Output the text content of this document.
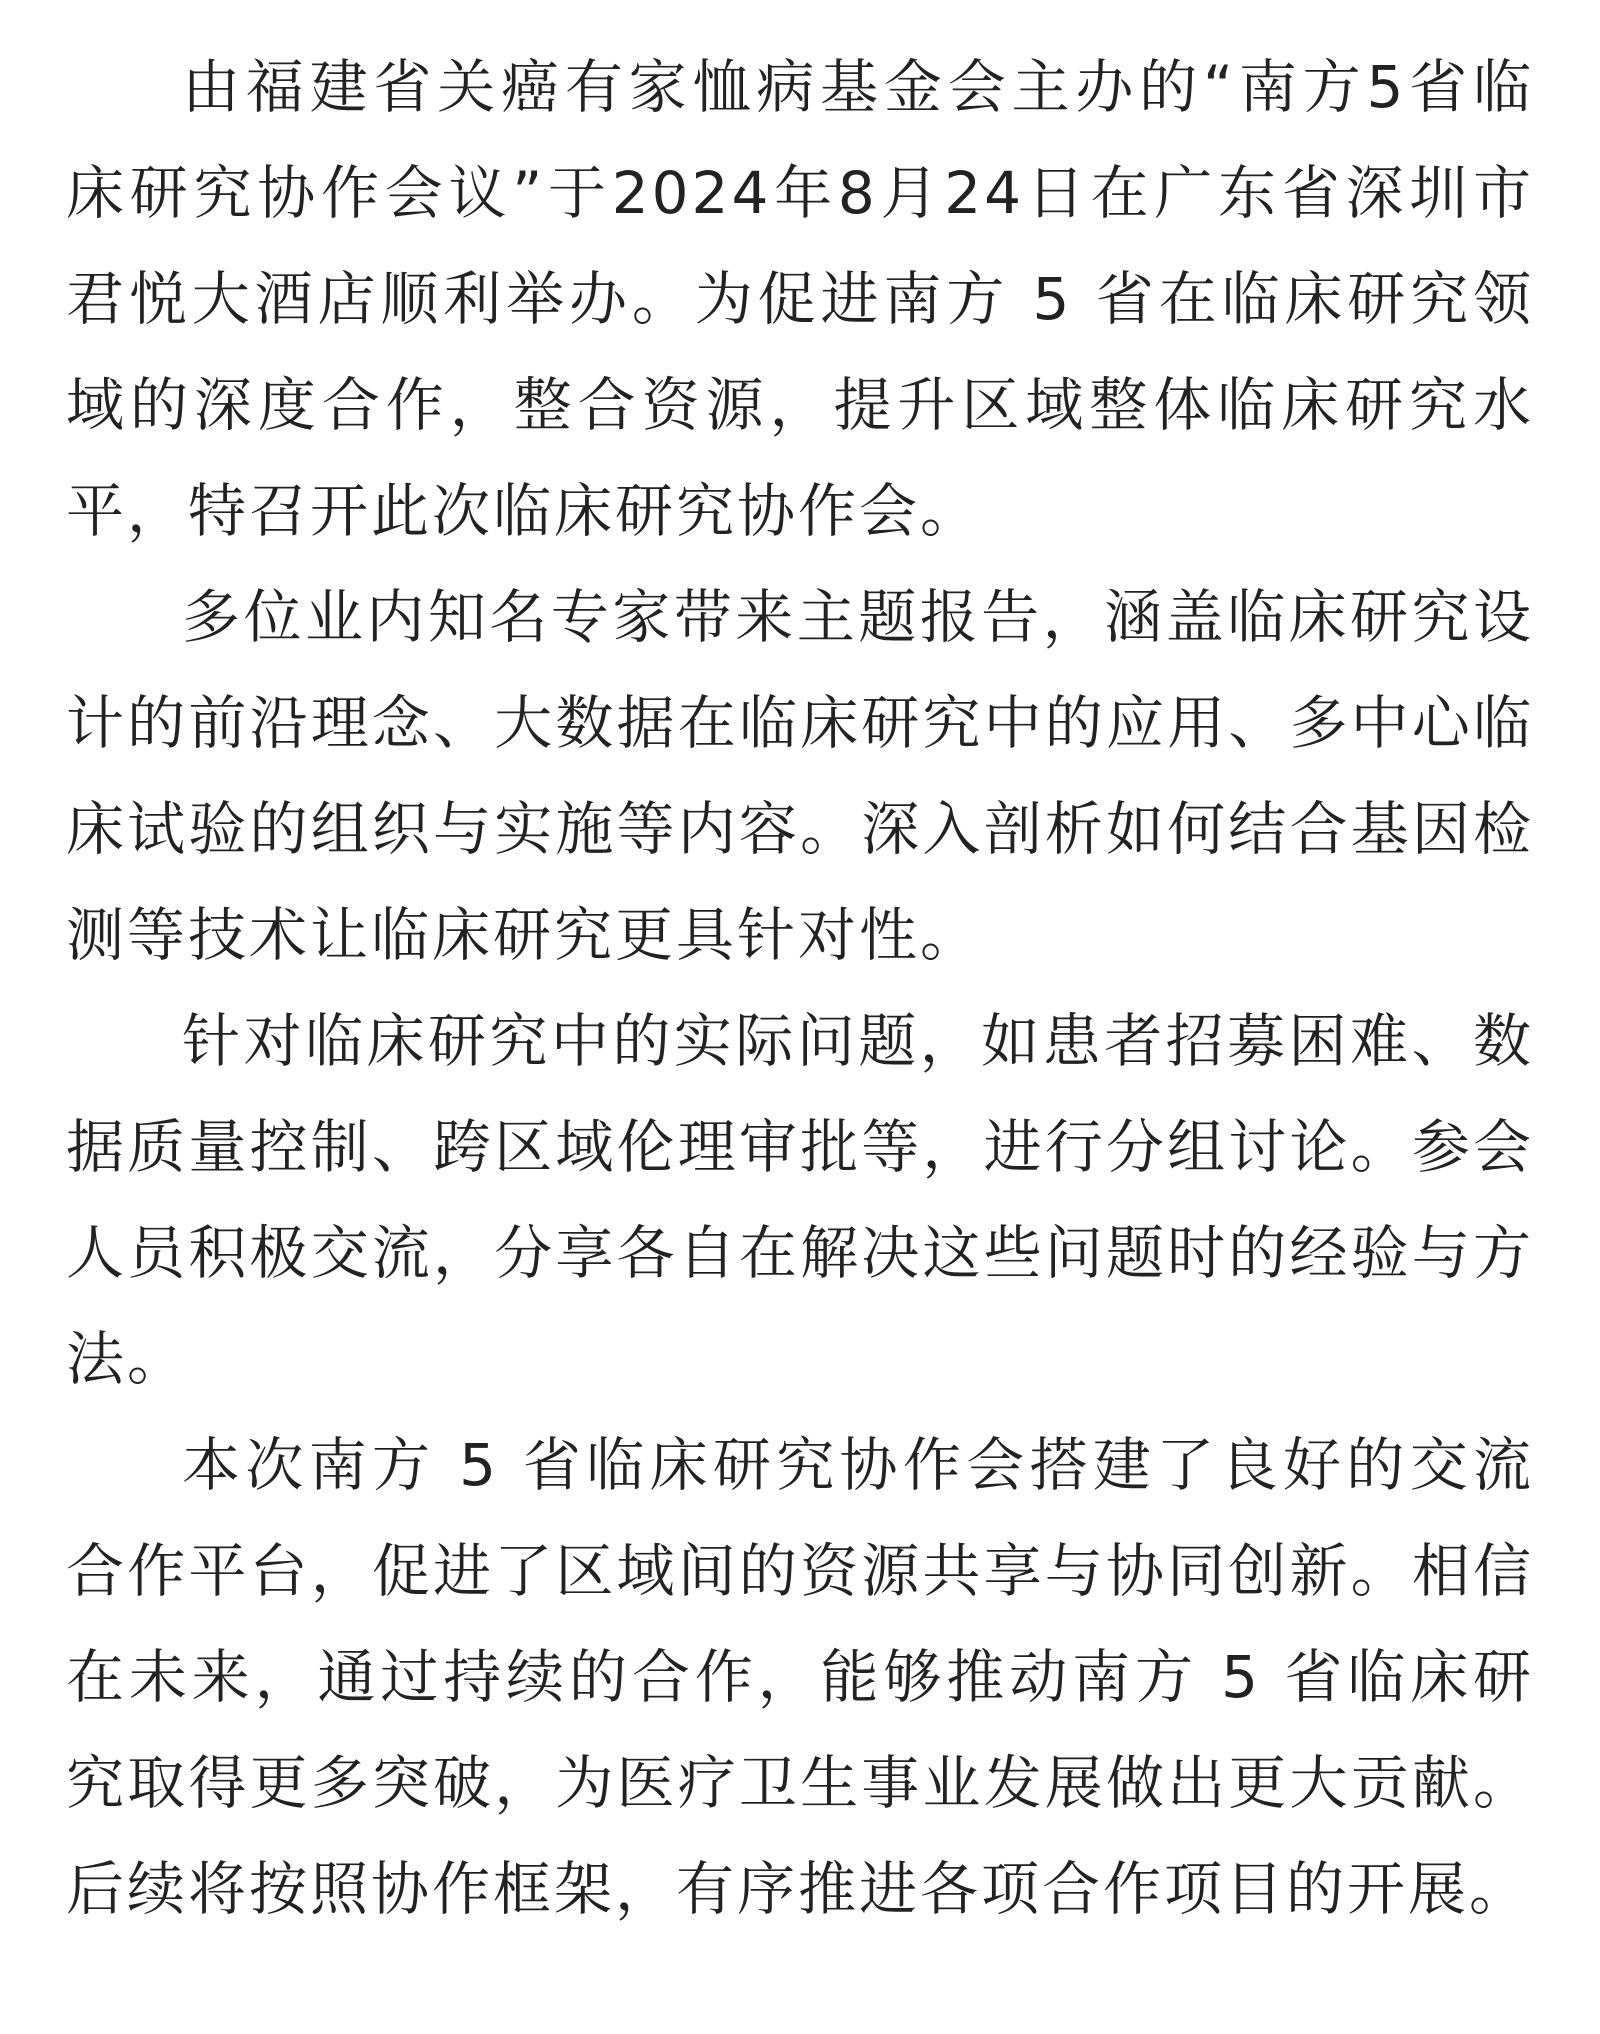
由福建省关癌有家恤病基金会主办的“南方5省临床研究协作会议”于2024年8月24日在广东省深圳市君悦大酒店顺利举办。为促进南方 5 省在临床研究领域的深度合作，整合资源，提升区域整体临床研究水平，特召开此次临床研究协作会。

多位业内知名专家带来主题报告，涵盖临床研究设计的前沿理念、大数据在临床研究中的应用、多中心临床试验的组织与实施等内容。深入剖析如何结合基因检测等技术让临床研究更具针对性。

针对临床研究中的实际问题，如患者招募困难、数据质量控制、跨区域伦理审批等，进行分组讨论。参会人员积极交流，分享各自在解决这些问题时的经验与方法。

本次南方 5 省临床研究协作会搭建了良好的交流合作平台，促进了区域间的资源共享与协同创新。相信在未来，通过持续的合作，能够推动南方 5 省临床研究取得更多突破，为医疗卫生事业发展做出更大贡献。后续将按照协作框架，有序推进各项合作项目的开展。
